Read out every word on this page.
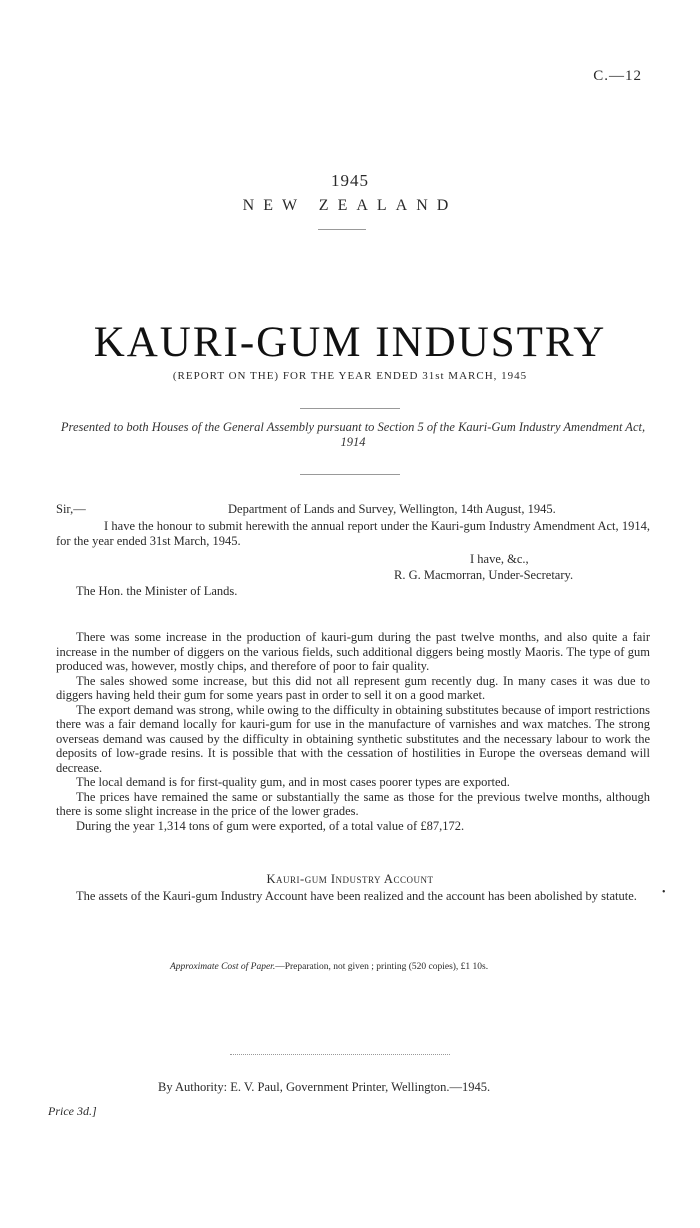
C.—12
1945
NEW ZEALAND
KAURI-GUM INDUSTRY
(REPORT ON THE) FOR THE YEAR ENDED 31st MARCH, 1945
Presented to both Houses of the General Assembly pursuant to Section 5 of the Kauri-Gum Industry Amendment Act, 1914
Sir,—	Department of Lands and Survey, Wellington, 14th August, 1945.
I have the honour to submit herewith the annual report under the Kauri-gum Industry Amendment Act, 1914, for the year ended 31st March, 1945.
I have, &c.,
R. G. Macmorran, Under-Secretary.
The Hon. the Minister of Lands.
There was some increase in the production of kauri-gum during the past twelve months, and also quite a fair increase in the number of diggers on the various fields, such additional diggers being mostly Maoris. The type of gum produced was, however, mostly chips, and therefore of poor to fair quality.
The sales showed some increase, but this did not all represent gum recently dug. In many cases it was due to diggers having held their gum for some years past in order to sell it on a good market.
The export demand was strong, while owing to the difficulty in obtaining substitutes because of import restrictions there was a fair demand locally for kauri-gum for use in the manufacture of varnishes and wax matches. The strong overseas demand was caused by the difficulty in obtaining synthetic substitutes and the necessary labour to work the deposits of low-grade resins. It is possible that with the cessation of hostilities in Europe the overseas demand will decrease.
The local demand is for first-quality gum, and in most cases poorer types are exported.
The prices have remained the same or substantially the same as those for the previous twelve months, although there is some slight increase in the price of the lower grades.
During the year 1,314 tons of gum were exported, of a total value of £87,172.
Kauri-gum Industry Account
The assets of the Kauri-gum Industry Account have been realized and the account has been abolished by statute.	•
Approximate Cost of Paper.—Preparation, not given ; printing (520 copies), £1 10s.
By Authority: E. V. Paul, Government Printer, Wellington.—1945.
Price 3d.]
